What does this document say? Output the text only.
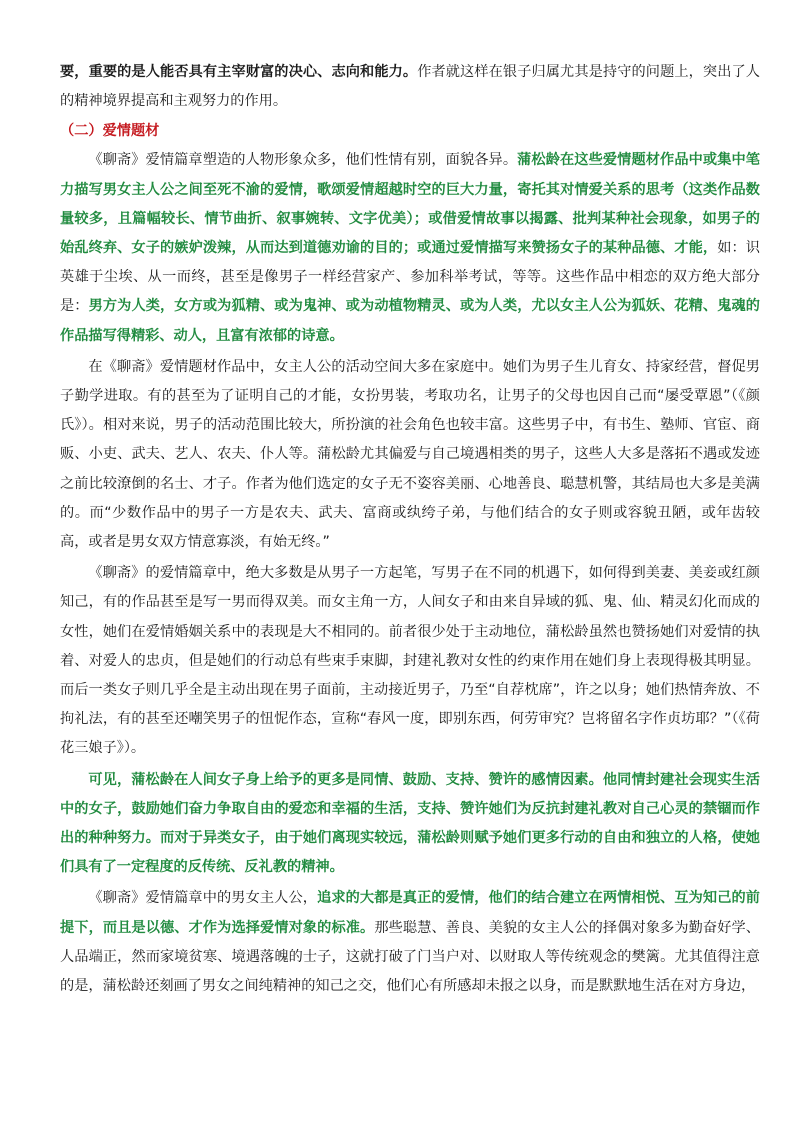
要，重要的是人能否具有主宰财富的决心、志向和能力。作者就这样在银子归属尤其是持守的问题上，突出了人的精神境界提高和主观努力的作用。

（二）爱情题材

《聊斋》爱情篇章塑造的人物形象众多，他们性情有别，面貌各异。蒲松龄在这些爱情题材作品中或集中笔力描写男女主人公之间至死不渝的爱情，歌颂爱情超越时空的巨大力量，寄托其对情爱关系的思考（这类作品数量较多，且篇幅较长、情节曲折、叙事婉转、文字优美）；或借爱情故事以揭露、批判某种社会现象，如男子的始乱终弃、女子的嫉妒泼辣，从而达到道德劝谕的目的；或通过爱情描写来赞扬女子的某种品德、才能，如：识英雄于尘埃、从一而终，甚至是像男子一样经营家产、参加科举考试，等等。这些作品中相恋的双方绝大部分是：男方为人类，女方或为狐精、或为鬼神、或为动植物精灵、或为人类，尤以女主人公为狐妖、花精、鬼魂的作品描写得精彩、动人，且富有浓郁的诗意。

在《聊斋》爱情题材作品中，女主人公的活动空间大多在家庭中。她们为男子生儿育女、持家经营，督促男子勤学进取。有的甚至为了证明自己的才能，女扮男装，考取功名，让男子的父母也因自己而“屡受覃恩”（《颜氏》）。相对来说，男子的活动范围比较大，所扮演的社会角色也较丰富。这些男子中，有书生、塾师、官宦、商贩、小吏、武夫、艺人、农夫、仆人等。蒲松龄尤其偏爱与自己境遇相类的男子，这些人大多是落拓不遇或发迹之前比较潦倒的名士、才子。作者为他们选定的女子无不姿容美丽、心地善良、聪慧机警，其结局也大多是美满的。而“少数作品中的男子一方是农夫、武夫、富商或纨绔子弟，与他们结合的女子则或容貌丑陋，或年齿较高，或者是男女双方情意寡淡，有始无终。”

《聊斋》的爱情篇章中，绝大多数是从男子一方起笔，写男子在不同的机遇下，如何得到美妻、美妾或红颜知己，有的作品甚至是写一男而得双美。而女主角一方，人间女子和由来自异域的狐、鬼、仙、精灵幻化而成的女性，她们在爱情婚姻关系中的表现是大不相同的。前者很少处于主动地位，蒲松龄虽然也赞扬她们对爱情的执着、对爱人的忠贞，但是她们的行动总有些束手束脚，封建礼教对女性的约束作用在她们身上表现得极其明显。而后一类女子则几乎全是主动出现在男子面前，主动接近男子，乃至“自荐枕席”，许之以身；她们热情奔放、不拘礼法，有的甚至还嘲笑男子的忸怩作态，宣称“春风一度，即别东西，何劳审究？岂将留名字作贞坊耶？”（《荷花三娘子》）。

可见，蒲松龄在人间女子身上给予的更多是同情、鼓励、支持、赞许的感情因素。他同情封建社会现实生活中的女子，鼓励她们奋力争取自由的爱恋和幸福的生活，支持、赞许她们为反抗封建礼教对自己心灵的禁锢而作出的种种努力。而对于异类女子，由于她们离现实较远，蒲松龄则赋予她们更多行动的自由和独立的人格，使她们具有了一定程度的反传统、反礼教的精神。

《聊斋》爱情篇章中的男女主人公，追求的大都是真正的爱情，他们的结合建立在两情相悦、互为知己的前提下，而且是以德、才作为选择爱情对象的标准。那些聪慧、善良、美貌的女主人公的择偶对象多为勤奋好学、人品端正，然而家境贫寒、境遇落魄的士子，这就打破了门当户对、以财取人等传统观念的樊篱。尤其值得注意的是，蒲松龄还刻画了男女之间纯精神的知己之交，他们心有所感却未报之以身，而是默默地生活在对方身边，
